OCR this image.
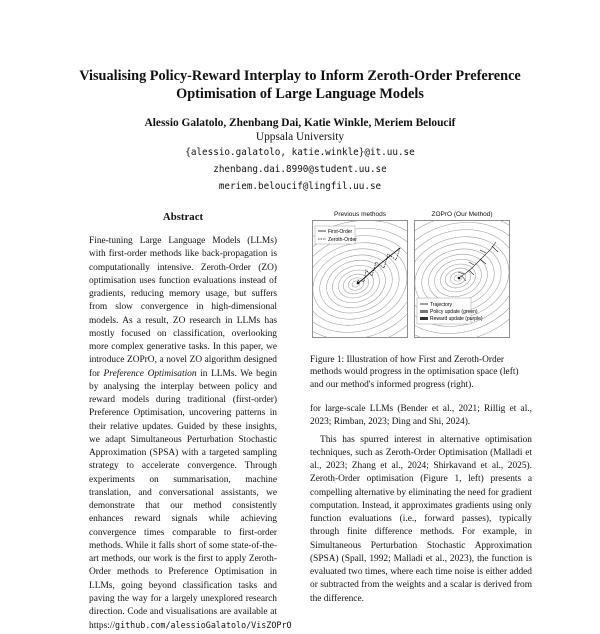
Visualising Policy-Reward Interplay to Inform Zeroth-Order Preference
Optimisation of Large Language Models
Alessio Galatolo, Zhenbang Dai, Katie Winkle, Meriem Beloucif
Uppsala University
{alessio.galatolo, katie.winkle}@it.uu.se
zhenbang.dai.8990@student.uu.se
meriem.beloucif@lingfil.uu.se
Abstract

Fine-tuning Large Language Models (LLMs) with first-order methods like back-propagation is computationally intensive. Zeroth-Order (ZO) optimisation uses function evaluations instead of gradients, reducing memory usage, but suffers from slow convergence in high-dimensional models. As a result, ZO research in LLMs has mostly focused on classification, overlooking more complex generative tasks. In this paper, we introduce ZOPrO, a novel ZO algorithm designed for Preference Optimisation in LLMs. We begin by analysing the interplay between policy and reward models during traditional (first-order) Preference Optimisation, uncovering patterns in their relative updates. Guided by these insights, we adapt Simultaneous Perturbation Stochastic Approximation (SPSA) with a targeted sampling strategy to accelerate convergence. Through experiments on summarisation, machine translation, and conversational assistants, we demonstrate that our method consistently enhances reward signals while achieving convergence times comparable to first-order methods. While it falls short of some state-of-the-art methods, our work is the first to apply Zeroth-Order methods to Preference Optimisation in LLMs, going beyond classification tasks and paving the way for a largely unexplored research direction. Code and visualisations are available at https://github.com/alessioGalatolo/VisZOPrO

Previous methods	ZOPrO (Our Method)
First-Order
Zeroth-Order
Trajectory
Policy update (green)
Reward update (purple)

Figure 1: Illustration of how First and Zeroth-Order methods would progress in the optimisation space (left) and our method's informed progress (right).

for large-scale LLMs (Bender et al., 2021; Rillig et al., 2023; Rimban, 2023; Ding and Shi, 2024).

This has spurred interest in alternative optimisation techniques, such as Zeroth-Order Optimisation (Malladi et al., 2023; Zhang et al., 2024; Shirkavand et al., 2025). Zeroth-Order optimisation (Figure 1, left) presents a compelling alternative by eliminating the need for gradient computation. Instead, it approximates gradients using only function evaluations (i.e., forward passes), typically through finite difference methods. For example, in Simultaneous Perturbation Stochastic Approximation (SPSA) (Spall, 1992; Malladi et al., 2023), the function is evaluated two times, where each time noise is either added or subtracted from the weights and a scalar is derived from the difference.
